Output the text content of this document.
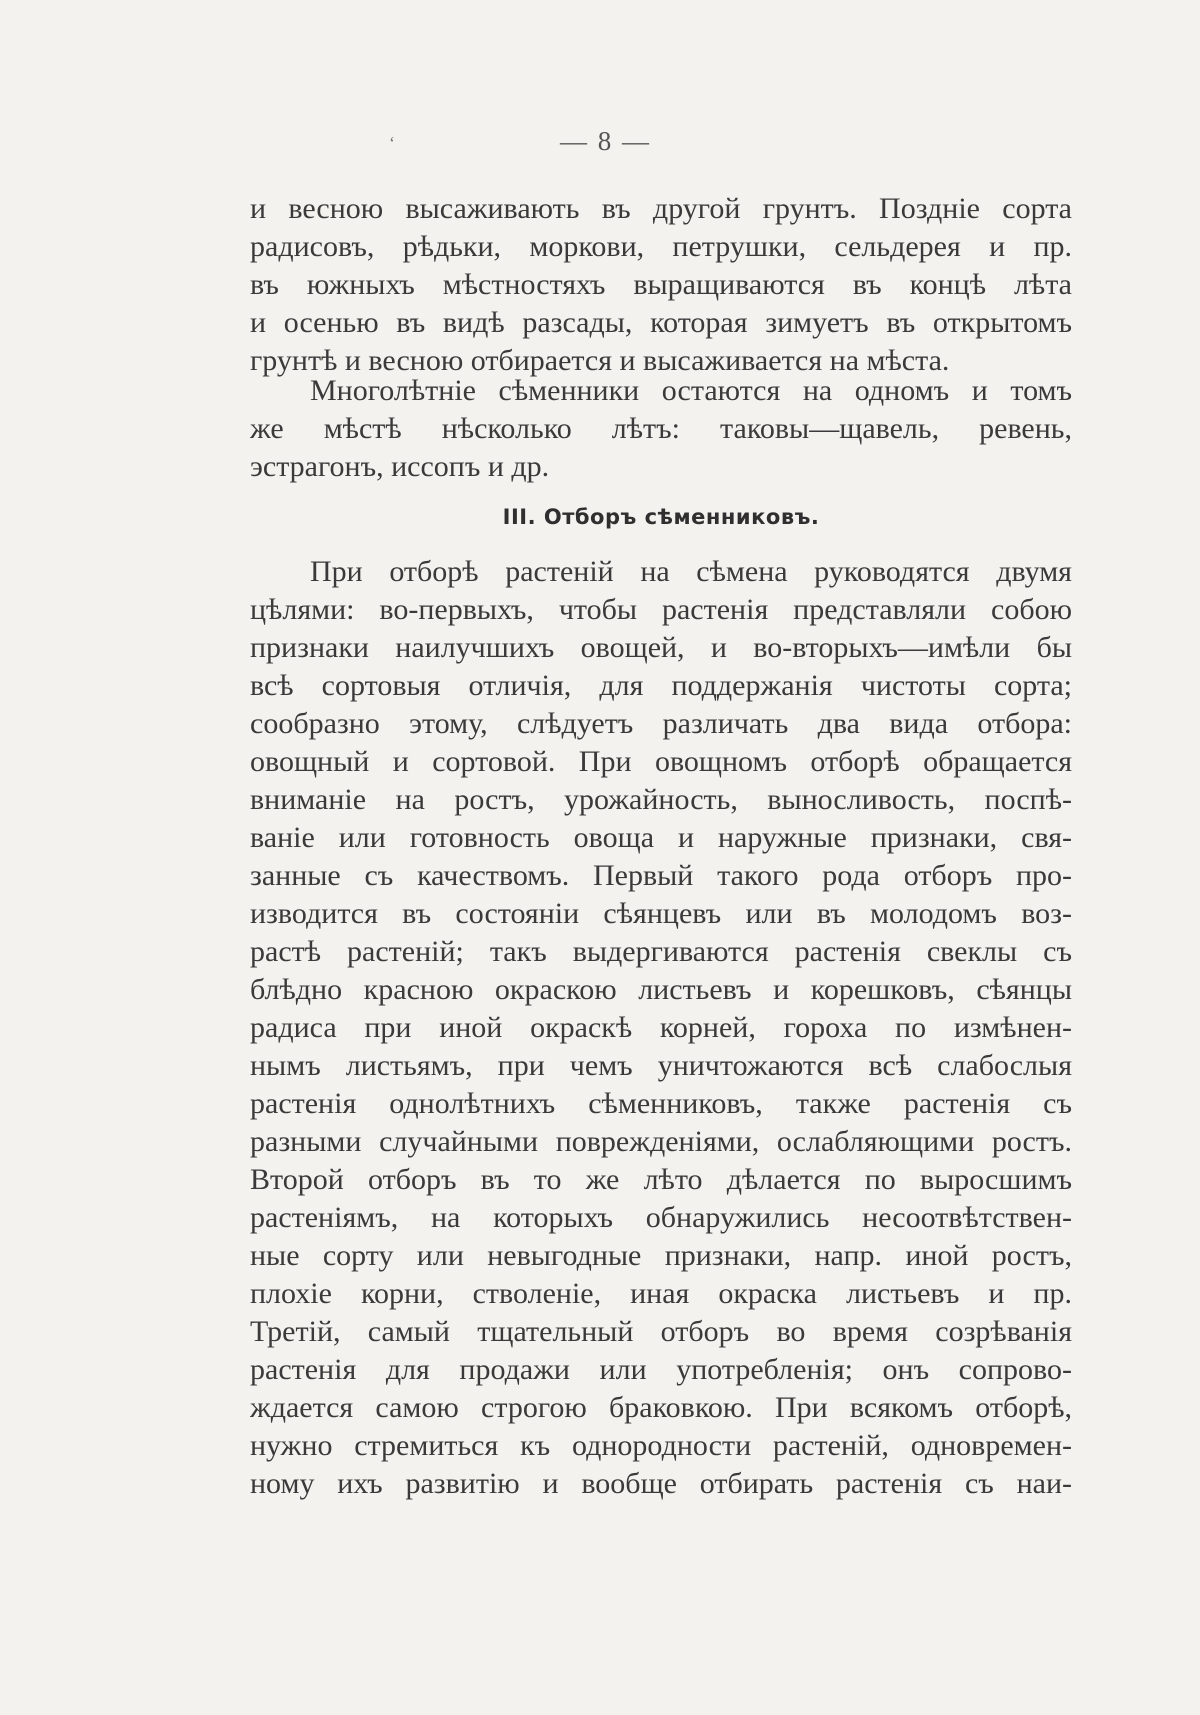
‘	— 8 —
и весною высаживають въ другой грунтъ. Поздніе сорта
радисовъ, рѣдьки, моркови, петрушки, сельдерея и пр.
въ южныхъ мѣстностяхъ выращиваются въ концѣ лѣта
и осенью въ видѣ разсады, которая зимуетъ въ открытомъ
грунтѣ и весною отбирается и высаживается на мѣста.
Многолѣтніе сѣменники остаются на одномъ и томъ
же мѣстѣ нѣсколько лѣтъ: таковы—щавель, ревень,
эстрагонъ, иссопъ и др.
III. Отборъ сѣменниковъ.
При отборѣ растеній на сѣмена руководятся двумя
цѣлями: во-первыхъ, чтобы растенія представляли собою
признаки наилучшихъ овощей, и во-вторыхъ—имѣли бы
всѣ сортовыя отличія, для поддержанія чистоты сорта;
сообразно этому, слѣдуетъ различать два вида отбора:
овощный и сортовой. При овощномъ отборѣ обращается
вниманіе на ростъ, урожайность, выносливость, поспѣ-
ваніе или готовность овоща и наружные признаки, свя-
занные съ качествомъ. Первый такого рода отборъ про-
изводится въ состояніи сѣянцевъ или въ молодомъ воз-
растѣ растеній; такъ выдергиваются растенія свеклы съ
блѣдно красною окраскою листьевъ и корешковъ, сѣянцы
радиса при иной окраскѣ корней, гороха по измѣнен-
нымъ листьямъ, при чемъ уничтожаются всѣ слабослыя
растенія однолѣтнихъ сѣменниковъ, также растенія съ
разными случайными поврежденіями, ослабляющими ростъ.
Второй отборъ въ то же лѣто дѣлается по выросшимъ
растеніямъ, на которыхъ обнаружились несоотвѣтствен-
ные сорту или невыгодные признаки, напр. иной ростъ,
плохіе корни, стволеніе, иная окраска листьевъ и пр.
Третій, самый тщательный отборъ во время созрѣванія
растенія для продажи или употребленія; онъ сопрово-
ждается самою строгою браковкою. При всякомъ отборѣ,
нужно стремиться къ однородности растеній, одновремен-
ному ихъ развитію и вообще отбирать растенія съ наи-
